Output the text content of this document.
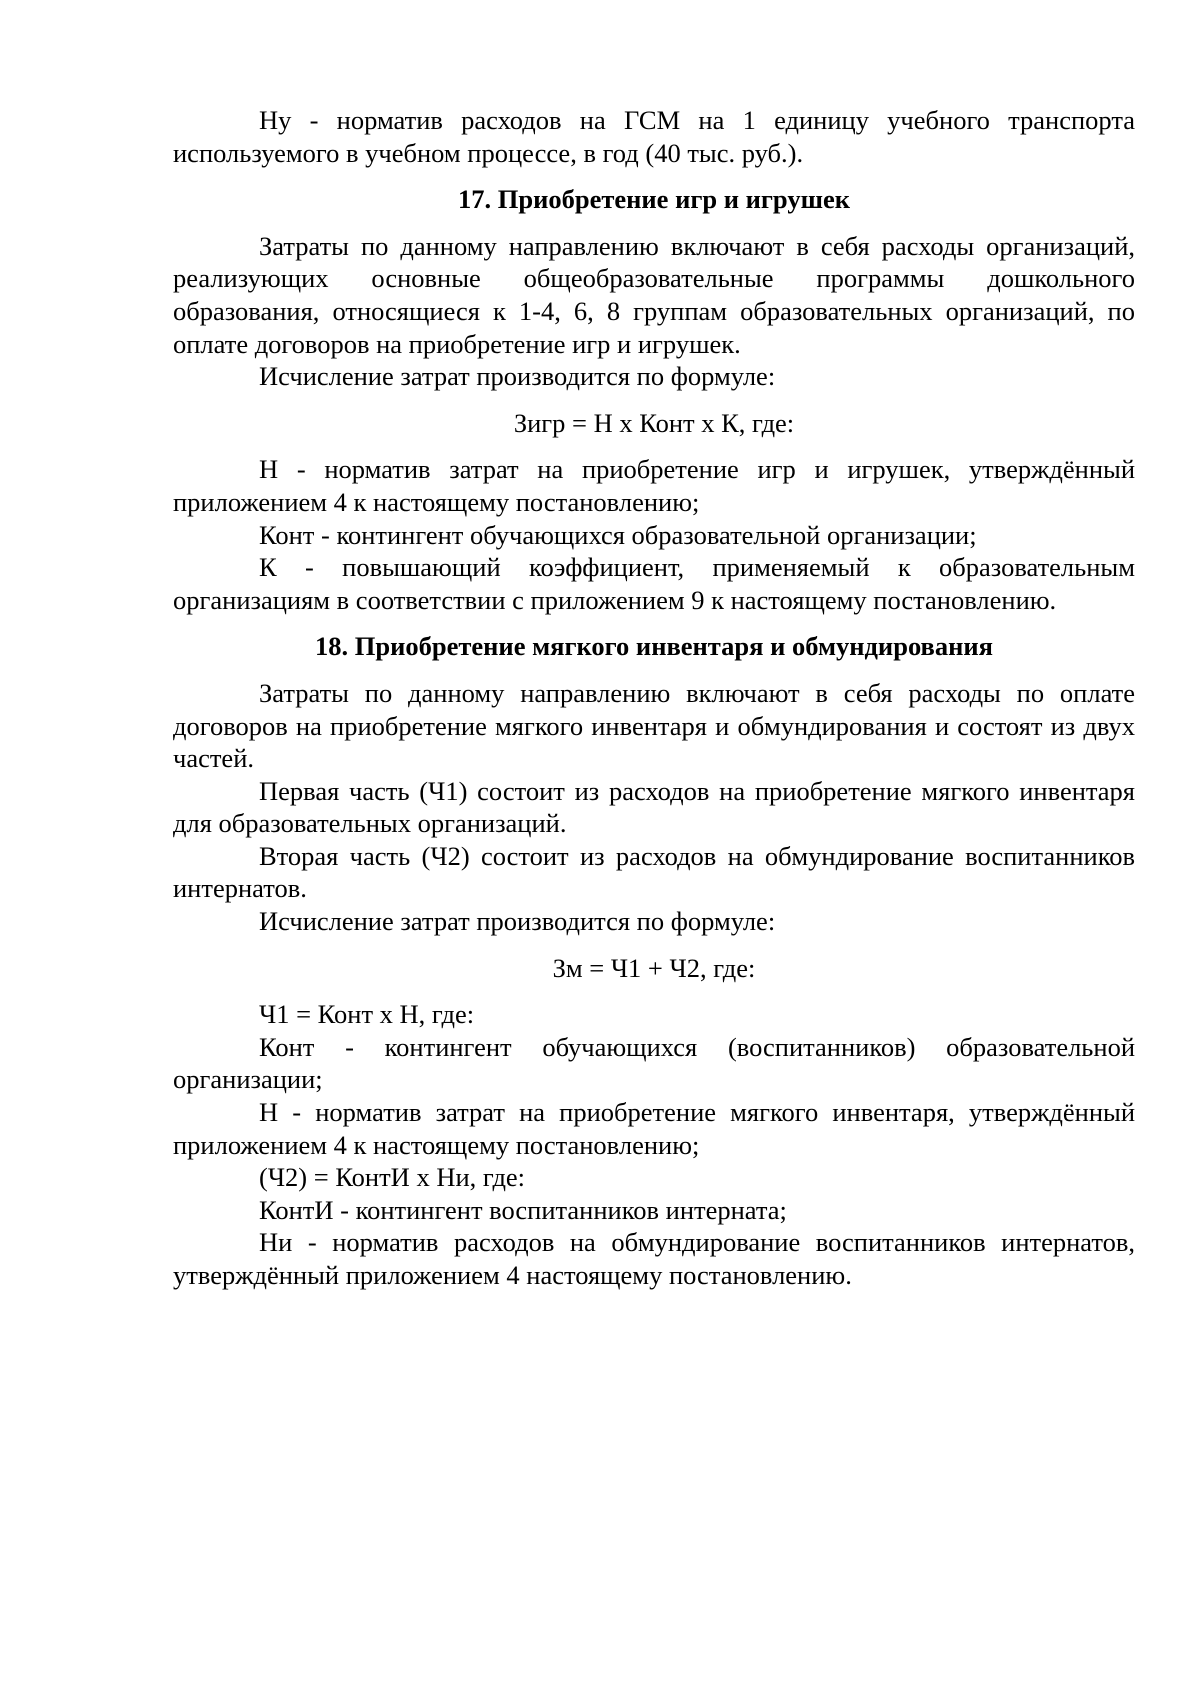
Ну - норматив расходов на ГСМ на 1 единицу учебного транспорта используемого в учебном процессе, в год (40 тыс. руб.).

17. Приобретение игр и игрушек

Затраты по данному направлению включают в себя расходы организаций, реализующих основные общеобразовательные программы дошкольного образования, относящиеся к 1-4, 6, 8 группам образовательных организаций, по оплате договоров на приобретение игр и игрушек.

Исчисление затрат производится по формуле:

Зигр = Н х Конт х К, где:

Н - норматив затрат на приобретение игр и игрушек, утверждённый приложением 4 к настоящему постановлению;

Конт - контингент обучающихся образовательной организации;

К - повышающий коэффициент, применяемый к образовательным организациям в соответствии с приложением 9 к настоящему постановлению.

18. Приобретение мягкого инвентаря и обмундирования

Затраты по данному направлению включают в себя расходы по оплате договоров на приобретение мягкого инвентаря и обмундирования и состоят из двух частей.

Первая часть (Ч1) состоит из расходов на приобретение мягкого инвентаря для образовательных организаций.

Вторая часть (Ч2) состоит из расходов на обмундирование воспитанников интернатов.

Исчисление затрат производится по формуле:

Зм = Ч1 + Ч2, где:

Ч1 = Конт х Н, где:

Конт - контингент обучающихся (воспитанников) образовательной организации;

Н - норматив затрат на приобретение мягкого инвентаря, утверждённый приложением 4 к настоящему постановлению;

(Ч2) = КонтИ х Ни, где:

КонтИ - контингент воспитанников интерната;

Ни - норматив расходов на обмундирование воспитанников интернатов, утверждённый приложением 4 настоящему постановлению.
